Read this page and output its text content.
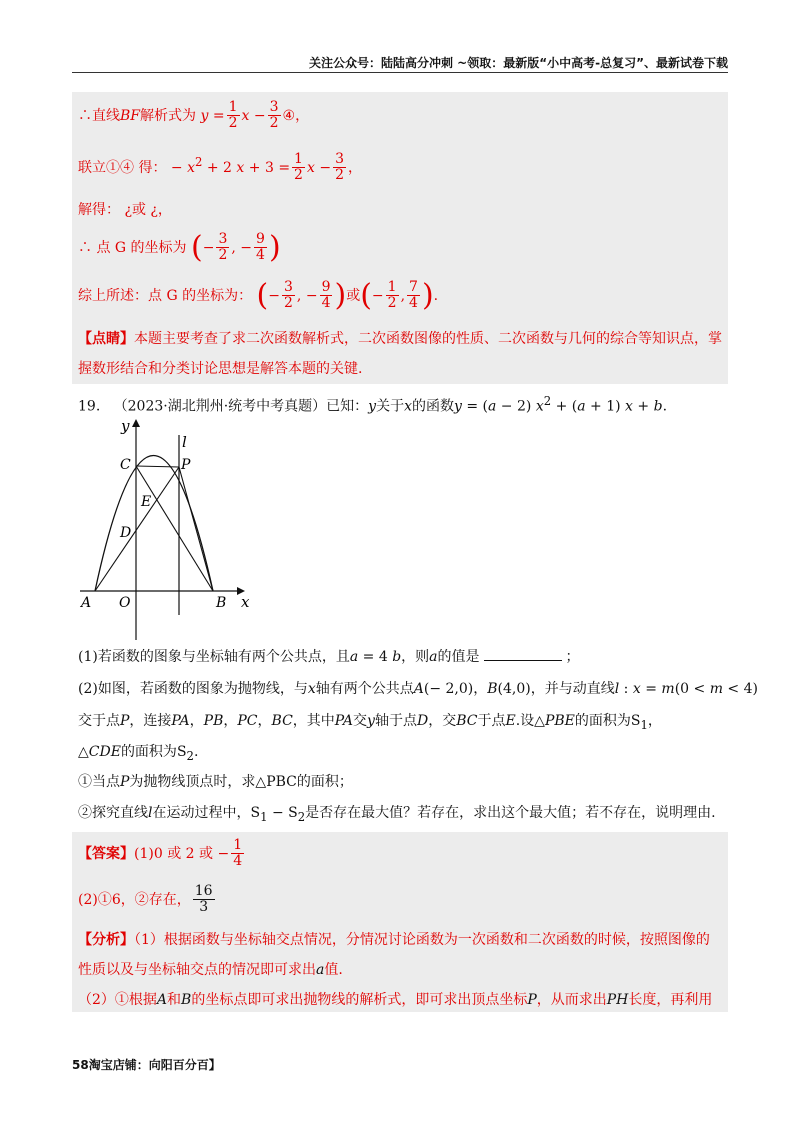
关注公众号：陆陆高分冲刺 ~领取：最新版“小中高考-总复习”、最新试卷下载
∴直线BF解析式为 $y = \frac{1}{2}$ $x - \frac{3}{2}$ ④，
联立①④ 得： − $x^2 + 2$ $x + 3 = \frac{1}{2}$ $x - \frac{3}{2}$ ，
解得： ¿或 ¿，
∴ 点 G 的坐标为 (− $\frac{3}{2}$ , − $\frac{9}{4}$ )
综上所述：点 G 的坐标为： (− $\frac{3}{2}$ , − $\frac{9}{4}$ )或(− $\frac{1}{2}$ , $\frac{7}{4}$ ).
【点睛】本题主要考查了求二次函数解析式，二次函数图像的性质、二次函数与几何的综合等知识点，掌
握数形结合和分类讨论思想是解答本题的关键.
19. （2023·湖北荆州·统考中考真题）已知：y关于x的函数y = (a − 2) $x^2 + (a + 1) x + b$.
y
x
l
C	P
E
D
A O	B
(1)若函数的图象与坐标轴有两个公共点，且a = 4 b，则a的值是	；
(2)如图，若函数的图象为抛物线，与x轴有两个公共点A(− 2,0)，B(4,0)，并与动直线l : x = m(0 < m < 4)
交于点P，连接PA，PB，PC，BC，其中PA交y轴于点D，交BC于点E.设△PBE的面积为$S_1$，
△CDE的面积为$S_2$.
①当点P为抛物线顶点时，求△PBC的面积；
②探究直线l在运动过程中，$S_1 - S_2$是否存在最大值？若存在，求出这个最大值；若不存在，说明理由.
【答案】(1)0 或 2 或 − $\frac{1}{4}$
(2)①6，②存在， $\frac{16}{3}$
【分析】（1）根据函数与坐标轴交点情况，分情况讨论函数为一次函数和二次函数的时候，按照图像的
性质以及与坐标轴交点的情况即可求出a值.
（2）①根据A和B的坐标点即可求出抛物线的解析式，即可求出顶点坐标P，从而求出PH长度，再利用
58淘宝店铺：向阳百分百】
